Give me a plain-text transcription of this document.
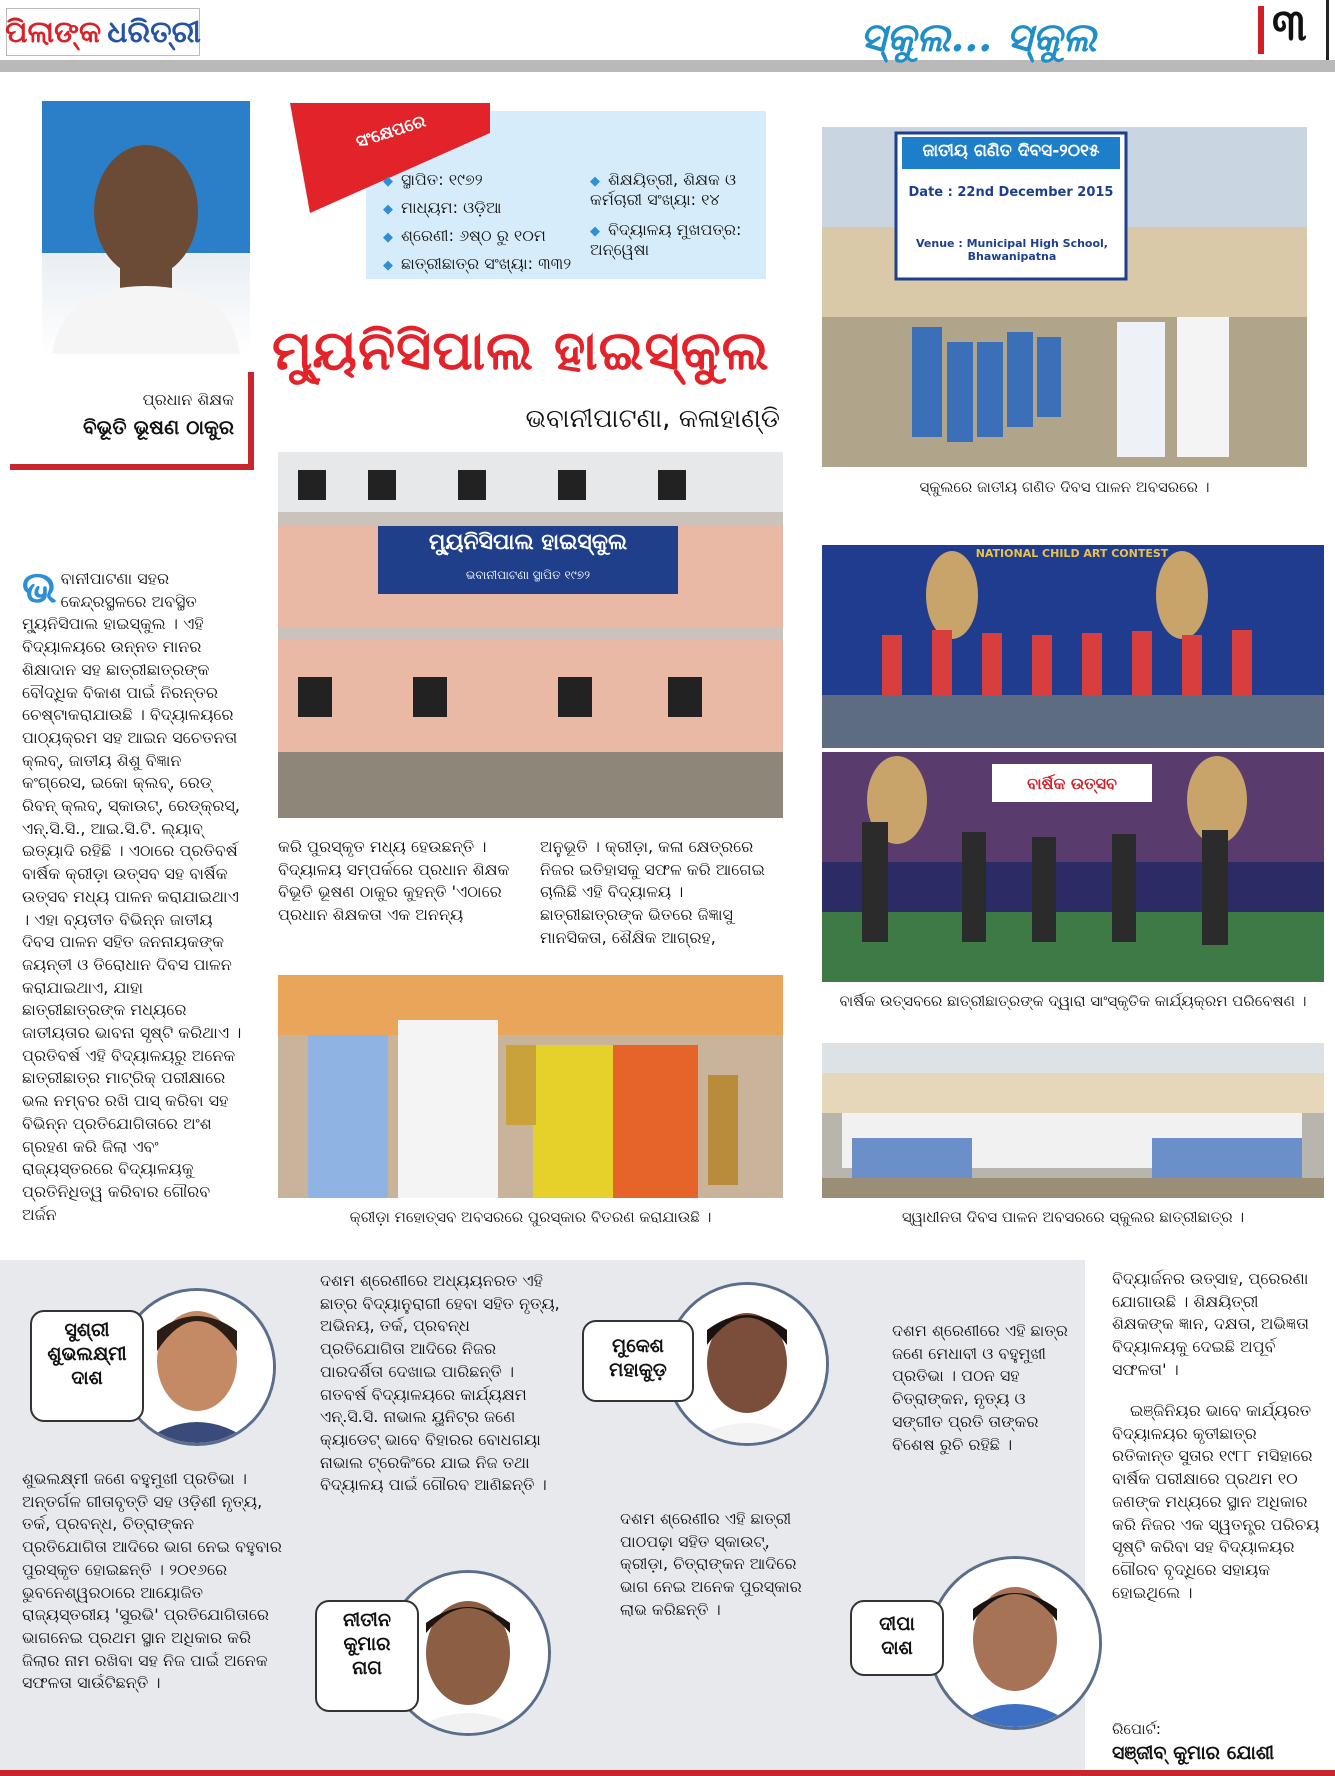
ପିଲାଙ୍କ ଧରିତ୍ରୀ	ସ୍କୁଲ... ସ୍କୁଲ	୩
ପ୍ରଧାନ ଶିକ୍ଷକ
ବିଭୂତି ଭୂଷଣ ଠାକୁର
ସଂକ୍ଷେପରେ
◆ ସ୍ଥାପିତ: ୧୯୭୨
◆ ମାଧ୍ୟମ: ଓଡ଼ିଆ
◆ ଶ୍ରେଣୀ: ୬ଷ୍ଠ ରୁ ୧୦ମ
◆ ଛାତ୍ରୀଛାତ୍ର ସଂଖ୍ୟା: ୩୩୨
◆ ଶିକ୍ଷୟିତ୍ରୀ, ଶିକ୍ଷକ ଓ କର୍ମଚାରୀ ସଂଖ୍ୟା: ୧୪
◆ ବିଦ୍ୟାଳୟ ମୁଖପତ୍ର: ଅନ୍ୱେଷା
ମ୍ୟୁନିସିପାଲ ହାଇସ୍କୁଲ
ଭବାନୀପାଟଣା, କଳାହାଣ୍ଡି
ଜାତୀୟ ଗଣିତ ଦିବସ-୨୦୧୫
Date : 22nd December 2015
Venue : Municipal High School, Bhawanipatna
ସ୍କୁଲରେ ଜାତୀୟ ଗଣିତ ଦିବସ ପାଳନ ଅବସରରେ ।
ମ୍ୟୁନିସିପାଲ ହାଇସ୍କୁଲ
ଭବାନୀପାଟଣା ସ୍ଥାପିତ ୧୯୭୨
NATIONAL CHILD ART CONTEST
ବାର୍ଷିକ ଉତ୍ସବ
ବାର୍ଷିକ ଉତ୍ସବରେ ଛାତ୍ରୀଛାତ୍ରଙ୍କ ଦ୍ୱାରା ସାଂସ୍କୃତିକ କାର୍ଯ୍ୟକ୍ରମ ପରିବେଷଣ ।
ସ୍ୱାଧୀନତା ଦିବସ ପାଳନ ଅବସରରେ ସ୍କୁଲର ଛାତ୍ରୀଛାତ୍ର ।
କ୍ରୀଡ଼ା ମହୋତ୍ସବ ଅବସରରେ ପୁରସ୍କାର ବିତରଣ କରାଯାଉଛି ।
ଭବାନୀପାଟଣା ସହର କେନ୍ଦ୍ରସ୍ଥଳରେ ଅବସ୍ଥିତ ମ୍ୟୁନିସିପାଲ ହାଇସ୍କୁଲ । ଏହି ବିଦ୍ୟାଳୟରେ ଉନ୍ନତ ମାନର ଶିକ୍ଷାଦାନ ସହ ଛାତ୍ରୀଛାତ୍ରଙ୍କ ବୌଦ୍ଧିକ ବିକାଶ ପାଇଁ ନିରନ୍ତର ଚେଷ୍ଟାକରାଯାଉଛି । ବିଦ୍ୟାଳୟରେ ପାଠ୍ୟକ୍ରମ ସହ ଆଇନ ସଚେତନତା କ୍ଲବ୍, ଜାତୀୟ ଶିଶୁ ବିଜ୍ଞାନ କଂଗ୍ରେସ, ଇକୋ କ୍ଲବ୍, ରେଡ୍ ରିବନ୍ କ୍ଲବ୍, ସ୍କାଉଟ୍, ରେଡ୍‌କ୍ରସ୍, ଏନ୍.ସି.ସି., ଆଇ.ସି.ଟି. ଲ୍ୟାବ୍ ଇତ୍ୟାଦି ରହିଛି । ଏଠାରେ ପ୍ରତିବର୍ଷ ବାର୍ଷିକ କ୍ରୀଡ଼ା ଉତ୍ସବ ସହ ବାର୍ଷିକ ଉତ୍ସବ ମଧ୍ୟ ପାଳନ କରାଯାଇଥାଏ । ଏହା ବ୍ୟତୀତ ବିଭିନ୍ନ ଜାତୀୟ ଦିବସ ପାଳନ ସହିତ ଜନନାୟକଙ୍କ ଜୟନ୍ତୀ ଓ ତିରୋଧାନ ଦିବସ ପାଳନ କରାଯାଇଥାଏ, ଯାହା ଛାତ୍ରୀଛାତ୍ରଙ୍କ ମଧ୍ୟରେ ଜାତୀୟତାର ଭାବନା ସୃଷ୍ଟି କରିଥାଏ । ପ୍ରତିବର୍ଷ ଏହି ବିଦ୍ୟାଳୟରୁ ଅନେକ ଛାତ୍ରୀଛାତ୍ର ମାଟ୍ରିକ୍ ପରୀକ୍ଷାରେ ଭଲ ନମ୍ବର ରଖି ପାସ୍ କରିବା ସହ ବିଭିନ୍ନ ପ୍ରତିଯୋଗିତାରେ ଅଂଶ ଗ୍ରହଣ କରି ଜିଲା ଏବଂ ରାଜ୍ୟସ୍ତରରେ ବିଦ୍ୟାଳୟକୁ ପ୍ରତିନିଧିତ୍ୱ କରିବାର ଗୌରବ ଅର୍ଜନ
କରି ପୁରସ୍କୃତ ମଧ୍ୟ ହେଉଛନ୍ତି । ବିଦ୍ୟାଳୟ ସମ୍ପର୍କରେ ପ୍ରଧାନ ଶିକ୍ଷକ ବିଭୂତି ଭୂଷଣ ଠାକୁର କୁହନ୍ତି 'ଏଠାରେ ପ୍ରଧାନ ଶିକ୍ଷକତା ଏକ ଅନନ୍ୟ
ଅନୁଭୂତି । କ୍ରୀଡ଼ା, କଳା କ୍ଷେତ୍ରରେ ନିଜର ଇତିହାସକୁ ସଫଳ କରି ଆଗେଇ ଚାଲିଛି ଏହି ବିଦ୍ୟାଳୟ । ଛାତ୍ରୀଛାତ୍ରଙ୍କ ଭିତରେ ଜିଜ୍ଞାସୁ ମାନସିକତା, ଶୈକ୍ଷିକ ଆଗ୍ରହ,
ସୁଶ୍ରୀ
ଶୁଭଲକ୍ଷ୍ମୀ
ଦାଶ
ଶୁଭଲକ୍ଷ୍ମୀ ଜଣେ ବହୁମୁଖୀ ପ୍ରତିଭା । ଅନ୍ତର୍ଗଳ ଗୀତାବୃତ୍ତି ସହ ଓଡ଼ିଶୀ ନୃତ୍ୟ, ତର୍କ, ପ୍ରବନ୍ଧ, ଚିତ୍ରାଙ୍କନ ପ୍ରତିଯୋଗିତା ଆଦିରେ ଭାଗ ନେଇ ବହୁବାର ପୁରସ୍କୃତ ହୋଇଛନ୍ତି । ୨୦୧୬ରେ ଭୁବନେଶ୍ୱରଠାରେ ଆୟୋଜିତ ରାଜ୍ୟସ୍ତରୀୟ 'ସୁରଭି' ପ୍ରତିଯୋଗିତାରେ ଭାଗନେଇ ପ୍ରଥମ ସ୍ଥାନ ଅଧିକାର କରି ଜିଲାର ନାମ ରଖିବା ସହ ନିଜ ପାଇଁ ଅନେକ ସଫଳତା ସାଉଁଟିଛନ୍ତି ।
ଦଶମ ଶ୍ରେଣୀରେ ଅଧ୍ୟୟନରତ ଏହି ଛାତ୍ର ବିଦ୍ୟାନୁରାଗୀ ହେବା ସହିତ ନୃତ୍ୟ, ଅଭିନୟ, ତର୍କ, ପ୍ରବନ୍ଧ ପ୍ରତିଯୋଗିତା ଆଦିରେ ନିଜର ପାରଦର୍ଶିତା ଦେଖାଇ ପାରିଛନ୍ତି । ଗତବର୍ଷ ବିଦ୍ୟାଳୟରେ କାର୍ଯ୍ୟକ୍ଷମ ଏନ୍.ସି.ସି. ନାଭାଲ ୟୁନିଟ୍‌ର ଜଣେ କ୍ୟାଡେଟ୍ ଭାବେ ବିହାରର ବୋଧଗୟା ନାଭାଲ ଟ୍ରେକିଂରେ ଯାଇ ନିଜ ତଥା ବିଦ୍ୟାଳୟ ପାଇଁ ଗୌରବ ଆଣିଛନ୍ତି ।
ନୀତୀନ
କୁମାର
ନାଗ
ମୁକେଶ
ମହାକୁଡ଼
ଦଶମ ଶ୍ରେଣୀରେ ଏହି ଛାତ୍ର ଜଣେ ମେଧାବୀ ଓ ବହୁମୁଖୀ ପ୍ରତିଭା । ପଠନ ସହ ଚିତ୍ରାଙ୍କନ, ନୃତ୍ୟ ଓ ସଙ୍ଗୀତ ପ୍ରତି ତାଙ୍କର ବିଶେଷ ରୁଚି ରହିଛି ।
ଦଶମ ଶ୍ରେଣୀର ଏହି ଛାତ୍ରୀ ପାଠପଢ଼ା ସହିତ ସ୍କାଉଟ୍, କ୍ରୀଡ଼ା, ଚିତ୍ରାଙ୍କନ ଆଦିରେ ଭାଗ ନେଇ ଅନେକ ପୁରସ୍କାର ଲାଭ କରିଛନ୍ତି ।
ଦୀପା
ଦାଶ
ବିଦ୍ୟାର୍ଜନର ଉତ୍ସାହ, ପ୍ରେରଣା ଯୋଗାଉଛି । ଶିକ୍ଷୟିତ୍ରୀ ଶିକ୍ଷକଙ୍କ ଜ୍ଞାନ, ଦକ୍ଷତା, ଅଭିଜ୍ଞତା ବିଦ୍ୟାଳୟକୁ ଦେଇଛି ଅପୂର୍ବ ସଫଳତା' ।
ଇଞ୍ଜିନିୟର ଭାବେ କାର୍ଯ୍ୟରତ ବିଦ୍ୟାଳୟର କୃତୀଛାତ୍ର ରତିକାନ୍ତ ସୁତାର ୧୯୮୮ ମସିହାରେ ବାର୍ଷିକ ପରୀକ୍ଷାରେ ପ୍ରଥମ ୧୦ ଜଣଙ୍କ ମଧ୍ୟରେ ସ୍ଥାନ ଅଧିକାର କରି ନିଜର ଏକ ସ୍ୱତନ୍ତ୍ର ପରିଚୟ ସୃଷ୍ଟି କରିବା ସହ ବିଦ୍ୟାଳୟର ଗୌରବ ବୃଦ୍ଧିରେ ସହାୟକ ହୋଇଥିଲେ ।
ରିପୋର୍ଟ:
ସଞ୍ଜୀବ୍ କୁମାର ଯୋଶୀ
